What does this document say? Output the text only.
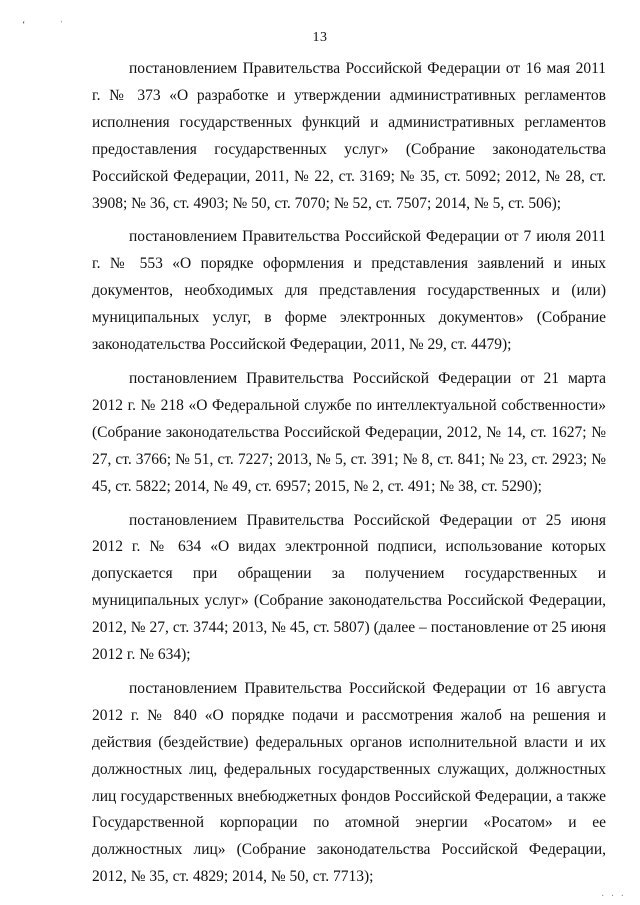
‘	ˈ
13

постановлением Правительства Российской Федерации от 16 мая 2011 г. № 373 «О разработке и утверждении административных регламентов исполнения государственных функций и административных регламентов предоставления государственных услуг» (Собрание законодательства Российской Федерации, 2011, № 22, ст. 3169; № 35, ст. 5092; 2012, № 28, ст. 3908; № 36, ст. 4903; № 50, ст. 7070; № 52, ст. 7507; 2014, № 5, ст. 506);

постановлением Правительства Российской Федерации от 7 июля 2011 г. № 553 «О порядке оформления и представления заявлений и иных документов, необходимых для представления государственных и (или) муниципальных услуг, в форме электронных документов» (Собрание законодательства Российской Федерации, 2011, № 29, ст. 4479);

постановлением Правительства Российской Федерации от 21 марта 2012 г. № 218 «О Федеральной службе по интеллектуальной собственности» (Собрание законодательства Российской Федерации, 2012, № 14, ст. 1627; № 27, ст. 3766; № 51, ст. 7227; 2013, № 5, ст. 391; № 8, ст. 841; № 23, ст. 2923; № 45, ст. 5822; 2014, № 49, ст. 6957; 2015, № 2, ст. 491; № 38, ст. 5290);

постановлением Правительства Российской Федерации от 25 июня 2012 г. № 634 «О видах электронной подписи, использование которых допускается при обращении за получением государственных и муниципальных услуг» (Собрание законодательства Российской Федерации, 2012, № 27, ст. 3744; 2013, № 45, ст. 5807) (далее – постановление от 25 июня 2012 г. № 634);

постановлением Правительства Российской Федерации от 16 августа 2012 г. № 840 «О порядке подачи и рассмотрения жалоб на решения и действия (бездействие) федеральных органов исполнительной власти и их должностных лиц, федеральных государственных служащих, должностных лиц государственных внебюджетных фондов Российской Федерации, а также Государственной корпорации по атомной энергии «Росатом» и ее должностных лиц» (Собрание законодательства Российской Федерации, 2012, № 35, ст. 4829; 2014, № 50, ст. 7713);

· · ·
